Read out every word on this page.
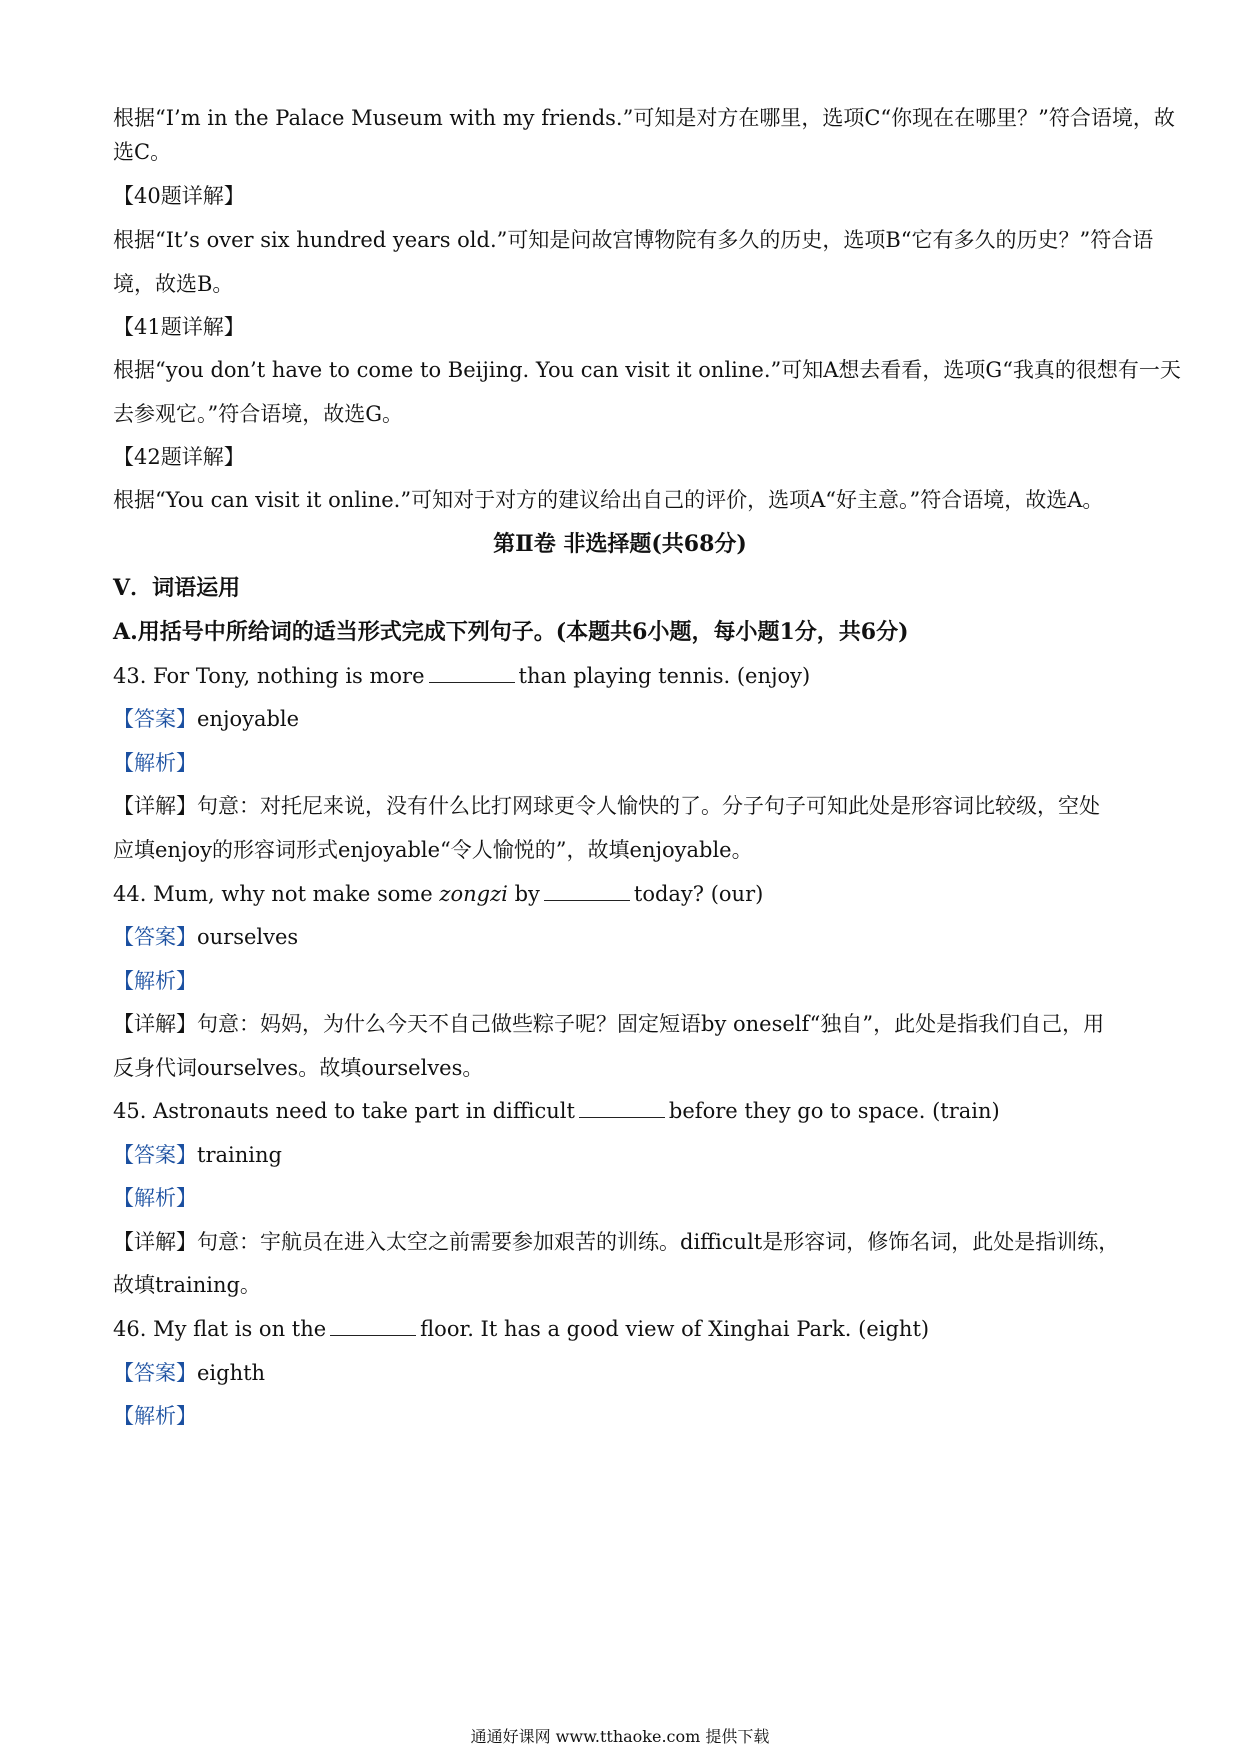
根据“I’m in the Palace Museum with my friends.”可知是对方在哪里，选项C“你现在在哪里？”符合语境，故
选C。
【40题详解】
根据“It’s over six hundred years old.”可知是问故宫博物院有多久的历史，选项B“它有多久的历史？”符合语
境，故选B。
【41题详解】
根据“you don’t have to come to Beijing. You can visit it online.”可知A想去看看，选项G“我真的很想有一天
去参观它。”符合语境，故选G。
【42题详解】
根据“You can visit it online.”可知对于对方的建议给出自己的评价，选项A“好主意。”符合语境，故选A。
第Ⅱ卷 非选择题(共68分)
V．词语运用
A.用括号中所给词的适当形式完成下列句子。(本题共6小题，每小题1分，共6分)
43. For Tony, nothing is more	than playing tennis. (enjoy)
【答案】enjoyable
【解析】
【详解】句意：对托尼来说，没有什么比打网球更令人愉快的了。分子句子可知此处是形容词比较级，空处
应填enjoy的形容词形式enjoyable“令人愉悦的”，故填enjoyable。
44. Mum, why not make some zongzi by	today? (our)
【答案】ourselves
【解析】
【详解】句意：妈妈，为什么今天不自己做些粽子呢？固定短语by oneself“独自”，此处是指我们自己，用
反身代词ourselves。故填ourselves。
45. Astronauts need to take part in difficult	before they go to space. (train)
【答案】training
【解析】
【详解】句意：宇航员在进入太空之前需要参加艰苦的训练。difficult是形容词，修饰名词，此处是指训练，
故填training。
46. My flat is on the	floor. It has a good view of Xinghai Park. (eight)
【答案】eighth
【解析】
通通好课网 www.tthaoke.com 提供下载
